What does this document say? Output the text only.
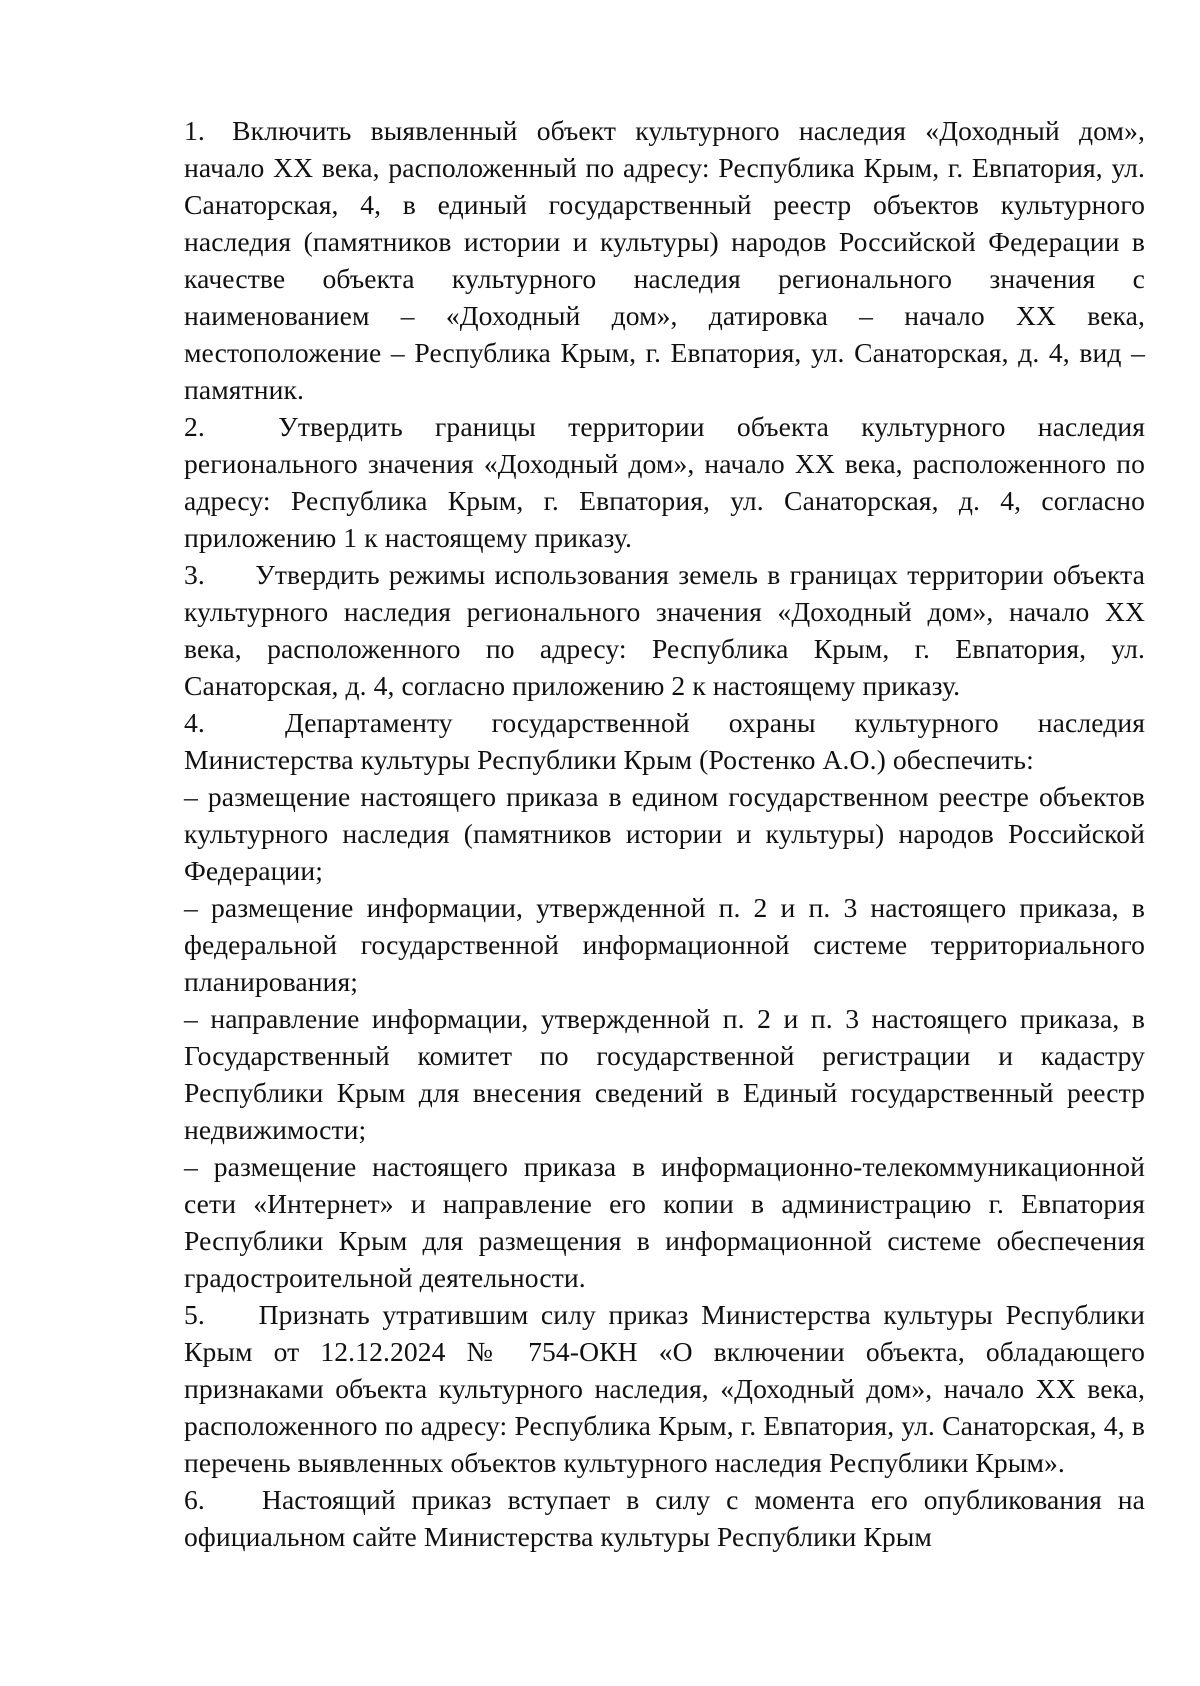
1. Включить выявленный объект культурного наследия «Доходный дом», начало XX века, расположенный по адресу: Республика Крым, г. Евпатория, ул. Санаторская, 4, в единый государственный реестр объектов культурного наследия (памятников истории и культуры) народов Российской Федерации в качестве объекта культурного наследия регионального значения с наименованием – «Доходный дом», датировка – начало XX века, местоположение – Республика Крым, г. Евпатория, ул. Санаторская, д. 4, вид – памятник.

2.	Утвердить границы территории объекта культурного наследия регионального значения «Доходный дом», начало XX века, расположенного по адресу: Республика Крым, г. Евпатория, ул. Санаторская, д. 4, согласно приложению 1 к настоящему приказу.

3. Утвердить режимы использования земель в границах территории объекта культурного наследия регионального значения «Доходный дом», начало XX века, расположенного по адресу: Республика Крым, г. Евпатория, ул. Санаторская, д. 4, согласно приложению 2 к настоящему приказу.

4.	Департаменту государственной охраны культурного наследия Министерства культуры Республики Крым (Ростенко А.О.) обеспечить:

– размещение настоящего приказа в едином государственном реестре объектов культурного наследия (памятников истории и культуры) народов Российской Федерации;

– размещение информации, утвержденной п. 2 и п. 3 настоящего приказа, в федеральной государственной информационной системе территориального планирования;

– направление информации, утвержденной п. 2 и п. 3 настоящего приказа, в Государственный комитет по государственной регистрации и кадастру Республики Крым для внесения сведений в Единый государственный реестр недвижимости;

– размещение настоящего приказа в информационно-телекоммуникационной сети «Интернет» и направление его копии в администрацию г. Евпатория Республики Крым для размещения в информационной системе обеспечения градостроительной деятельности.

5. Признать утратившим силу приказ Министерства культуры Республики Крым от 12.12.2024 № 754-ОКН «О включении объекта, обладающего признаками объекта культурного наследия, «Доходный дом», начало XX века, расположенного по адресу: Республика Крым, г. Евпатория, ул. Санаторская, 4, в перечень выявленных объектов культурного наследия Республики Крым».

6. Настоящий приказ вступает в силу с момента его опубликования на официальном сайте Министерства культуры Республики Крым
